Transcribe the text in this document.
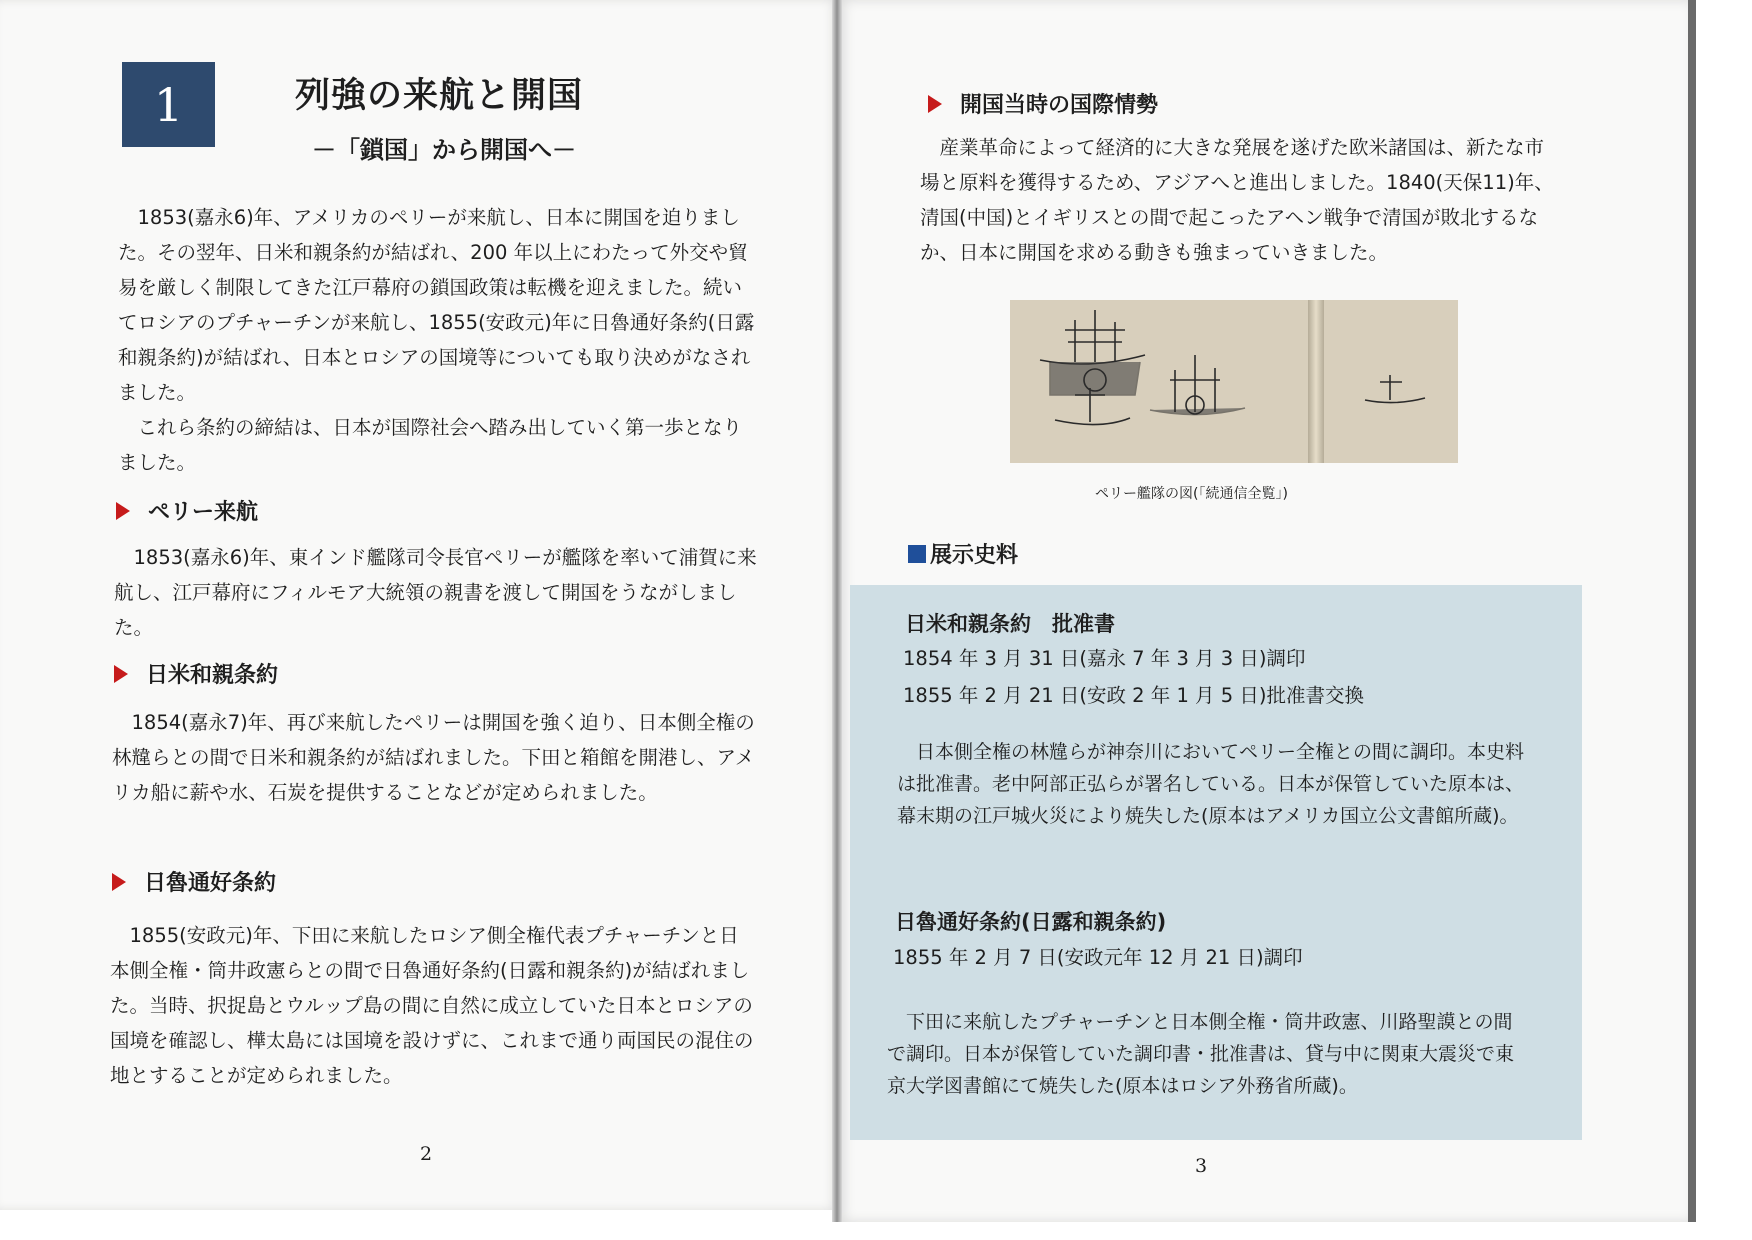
1	列強の来航と開国
－「鎖国」から開国へ－

　1853(嘉永6)年、アメリカのペリーが来航し、日本に開国を迫りました。その翌年、日米和親条約が結ばれ、200 年以上にわたって外交や貿易を厳しく制限してきた江戸幕府の鎖国政策は転機を迎えました。続いてロシアのプチャーチンが来航し、1855(安政元)年に日魯通好条約(日露和親条約)が結ばれ、日本とロシアの国境等についても取り決めがなされました。

　これら条約の締結は、日本が国際社会へ踏み出していく第一歩となりました。

ペリー来航

　1853(嘉永6)年、東インド艦隊司令長官ペリーが艦隊を率いて浦賀に来航し、江戸幕府にフィルモア大統領の親書を渡して開国をうながしました。

日米和親条約

　1854(嘉永7)年、再び来航したペリーは開国を強く迫り、日本側全権の林韑らとの間で日米和親条約が結ばれました。下田と箱館を開港し、アメリカ船に薪や水、石炭を提供することなどが定められました。

日魯通好条約

　1855(安政元)年、下田に来航したロシア側全権代表プチャーチンと日本側全権・筒井政憲らとの間で日魯通好条約(日露和親条約)が結ばれました。当時、択捉島とウルップ島の間に自然に成立していた日本とロシアの国境を確認し、樺太島には国境を設けずに、これまで通り両国民の混住の地とすることが定められました。

2
開国当時の国際情勢

　産業革命によって経済的に大きな発展を遂げた欧米諸国は、新たな市場と原料を獲得するため、アジアへと進出しました。1840(天保11)年、清国(中国)とイギリスとの間で起こったアヘン戦争で清国が敗北するなか、日本に開国を求める動きも強まっていきました。

ペリー艦隊の図(「続通信全覧」)
展示史料
日米和親条約　批准書
1854 年 3 月 31 日(嘉永 7 年 3 月 3 日)調印
1855 年 2 月 21 日(安政 2 年 1 月 5 日)批准書交換

　日本側全権の林韑らが神奈川においてペリー全権との間に調印。本史料は批准書。老中阿部正弘らが署名している。日本が保管していた原本は、幕末期の江戸城火災により焼失した(原本はアメリカ国立公文書館所蔵)。

日魯通好条約(日露和親条約)
1855 年 2 月 7 日(安政元年 12 月 21 日)調印

　下田に来航したプチャーチンと日本側全権・筒井政憲、川路聖謨との間で調印。日本が保管していた調印書・批准書は、貸与中に関東大震災で東京大学図書館にて焼失した(原本はロシア外務省所蔵)。

3
